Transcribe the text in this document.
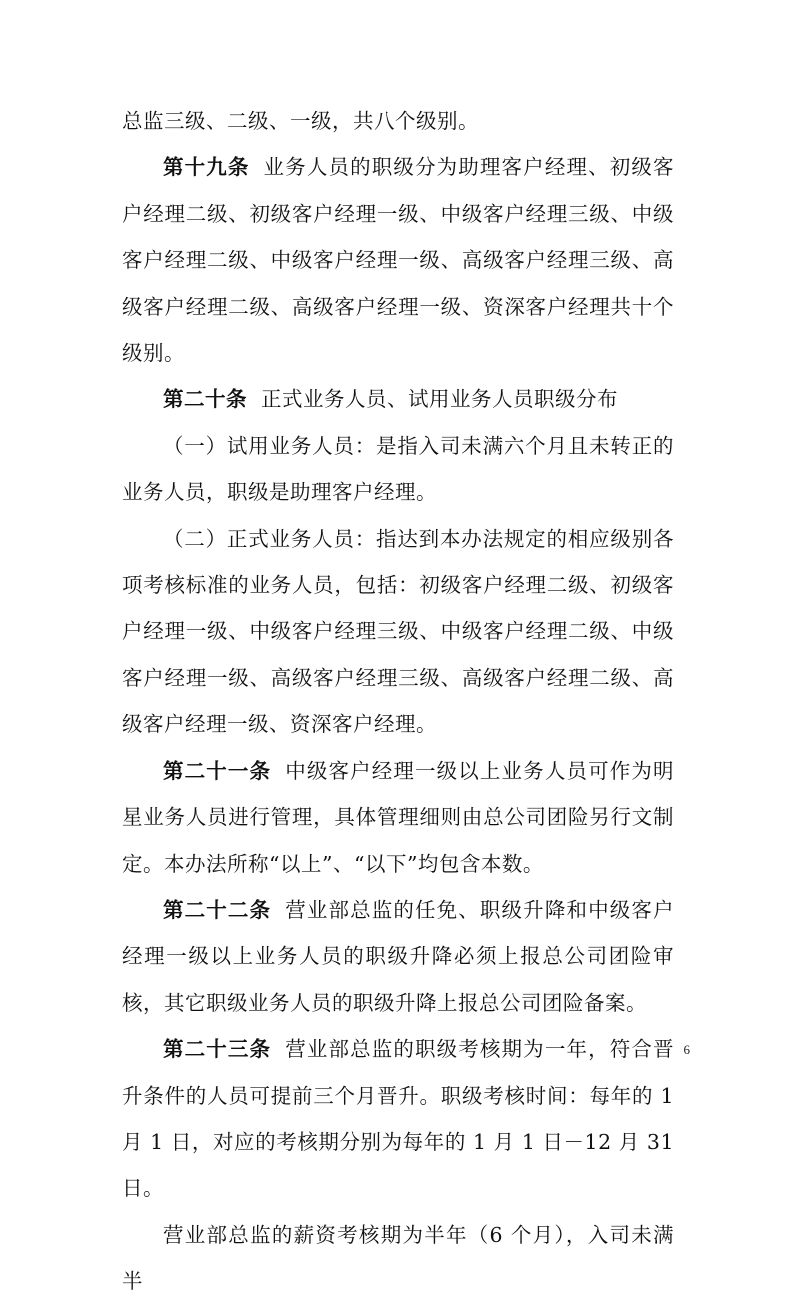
总监三级、二级、一级，共八个级别。

第十九条 业务人员的职级分为助理客户经理、初级客户经理二级、初级客户经理一级、中级客户经理三级、中级客户经理二级、中级客户经理一级、高级客户经理三级、高级客户经理二级、高级客户经理一级、资深客户经理共十个级别。

第二十条 正式业务人员、试用业务人员职级分布

（一）试用业务人员：是指入司未满六个月且未转正的业务人员，职级是助理客户经理。

（二）正式业务人员：指达到本办法规定的相应级别各项考核标准的业务人员，包括：初级客户经理二级、初级客户经理一级、中级客户经理三级、中级客户经理二级、中级客户经理一级、高级客户经理三级、高级客户经理二级、高级客户经理一级、资深客户经理。

第二十一条 中级客户经理一级以上业务人员可作为明星业务人员进行管理，具体管理细则由总公司团险另行文制定。本办法所称“以上”、“以下”均包含本数。

第二十二条 营业部总监的任免、职级升降和中级客户经理一级以上业务人员的职级升降必须上报总公司团险审核，其它职级业务人员的职级升降上报总公司团险备案。

第二十三条 营业部总监的职级考核期为一年，符合晋升条件的人员可提前三个月晋升。职级考核时间：每年的 1 月 1 日，对应的考核期分别为每年的 1 月 1 日－12 月 31 日。

营业部总监的薪资考核期为半年（6 个月），入司未满半

6
